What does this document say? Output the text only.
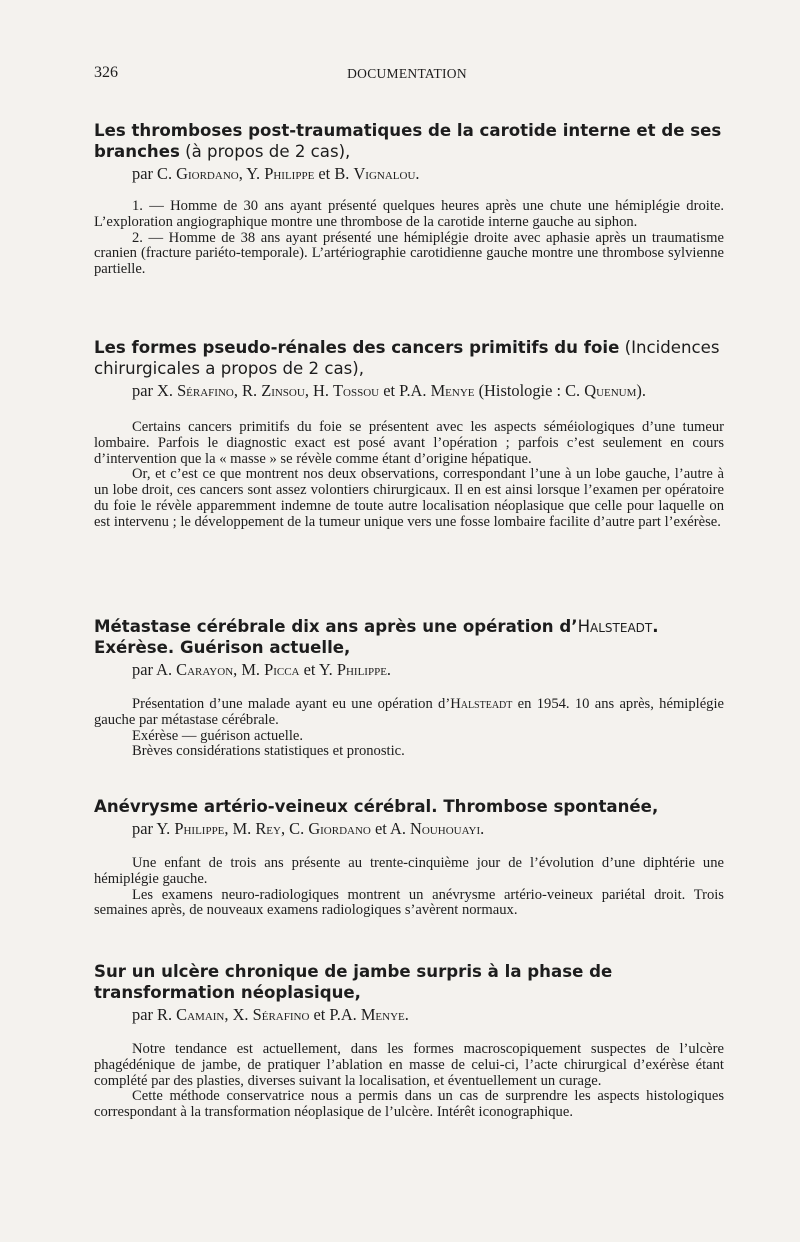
326	DOCUMENTATION

Les thromboses post-traumatiques de la carotide interne et de ses branches (à propos de 2 cas),

par C. Giordano, Y. Philippe et B. Vignalou.

1. — Homme de 30 ans ayant présenté quelques heures après une chute une hémiplégie droite. L’exploration angiographique montre une thrombose de la carotide interne gauche au siphon.

2. — Homme de 38 ans ayant présenté une hémiplégie droite avec aphasie après un traumatisme cranien (fracture pariéto-temporale). L’artériographie carotidienne gauche montre une thrombose sylvienne partielle.

Les formes pseudo-rénales des cancers primitifs du foie (Incidences chirurgicales a propos de 2 cas),

par X. Sérafino, R. Zinsou, H. Tossou et P.A. Menye (Histologie : C. Quenum).

Certains cancers primitifs du foie se présentent avec les aspects séméiologiques d’une tumeur lombaire. Parfois le diagnostic exact est posé avant l’opération ; parfois c’est seulement en cours d’intervention que la « masse » se révèle comme étant d’origine hépatique.

Or, et c’est ce que montrent nos deux observations, correspondant l’une à un lobe gauche, l’autre à un lobe droit, ces cancers sont assez volontiers chirurgicaux. Il en est ainsi lorsque l’examen per opératoire du foie le révèle apparemment indemne de toute autre localisation néoplasique que celle pour laquelle on est intervenu ; le développement de la tumeur unique vers une fosse lombaire facilite d’autre part l’exérèse.

Métastase cérébrale dix ans après une opération d’Halsteadt. Exérèse. Guérison actuelle,

par A. Carayon, M. Picca et Y. Philippe.

Présentation d’une malade ayant eu une opération d’Halsteadt en 1954. 10 ans après, hémiplégie gauche par métastase cérébrale.

Exérèse — guérison actuelle.

Brèves considérations statistiques et pronostic.

Anévrysme artério-veineux cérébral. Thrombose spontanée,

par Y. Philippe, M. Rey, C. Giordano et A. Nouhouayi.

Une enfant de trois ans présente au trente-cinquième jour de l’évolution d’une diphtérie une hémiplégie gauche.

Les examens neuro-radiologiques montrent un anévrysme artério-veineux pariétal droit. Trois semaines après, de nouveaux examens radiologiques s’avèrent normaux.

Sur un ulcère chronique de jambe surpris à la phase de transformation néoplasique,

par R. Camain, X. Sérafino et P.A. Menye.

Notre tendance est actuellement, dans les formes macroscopiquement suspectes de l’ulcère phagédénique de jambe, de pratiquer l’ablation en masse de celui-ci, l’acte chirurgical d’exérèse étant complété par des plasties, diverses suivant la localisation, et éventuellement un curage.

Cette méthode conservatrice nous a permis dans un cas de surprendre les aspects histologiques correspondant à la transformation néoplasique de l’ulcère. Intérêt iconographique.
